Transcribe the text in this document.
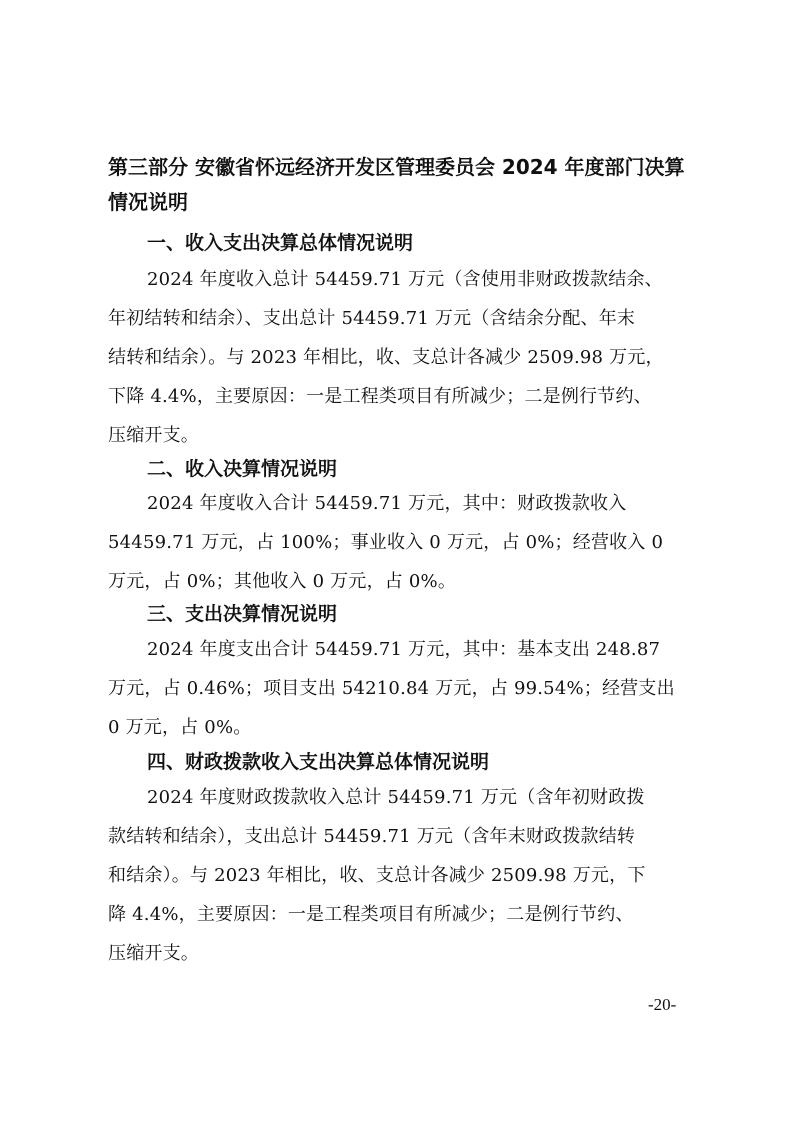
第三部分 安徽省怀远经济开发区管理委员会 2024 年度部门决算
情况说明
一、收入支出决算总体情况说明
2024 年度收入总计 54459.71 万元（含使用非财政拨款结余、
年初结转和结余）、支出总计 54459.71 万元（含结余分配、年末
结转和结余）。与 2023 年相比，收、支总计各减少 2509.98 万元，
下降 4.4%，主要原因：一是工程类项目有所减少；二是例行节约、
压缩开支。
二、收入决算情况说明
2024 年度收入合计 54459.71 万元，其中：财政拨款收入
54459.71 万元，占 100%；事业收入 0 万元，占 0%；经营收入 0
万元，占 0%；其他收入 0 万元，占 0%。
三、支出决算情况说明
2024 年度支出合计 54459.71 万元，其中：基本支出 248.87
万元，占 0.46%；项目支出 54210.84 万元，占 99.54%；经营支出
0 万元，占 0%。
四、财政拨款收入支出决算总体情况说明
2024 年度财政拨款收入总计 54459.71 万元（含年初财政拨
款结转和结余），支出总计 54459.71 万元（含年末财政拨款结转
和结余）。与 2023 年相比，收、支总计各减少 2509.98 万元，下
降 4.4%，主要原因：一是工程类项目有所减少；二是例行节约、
压缩开支。
-20-
